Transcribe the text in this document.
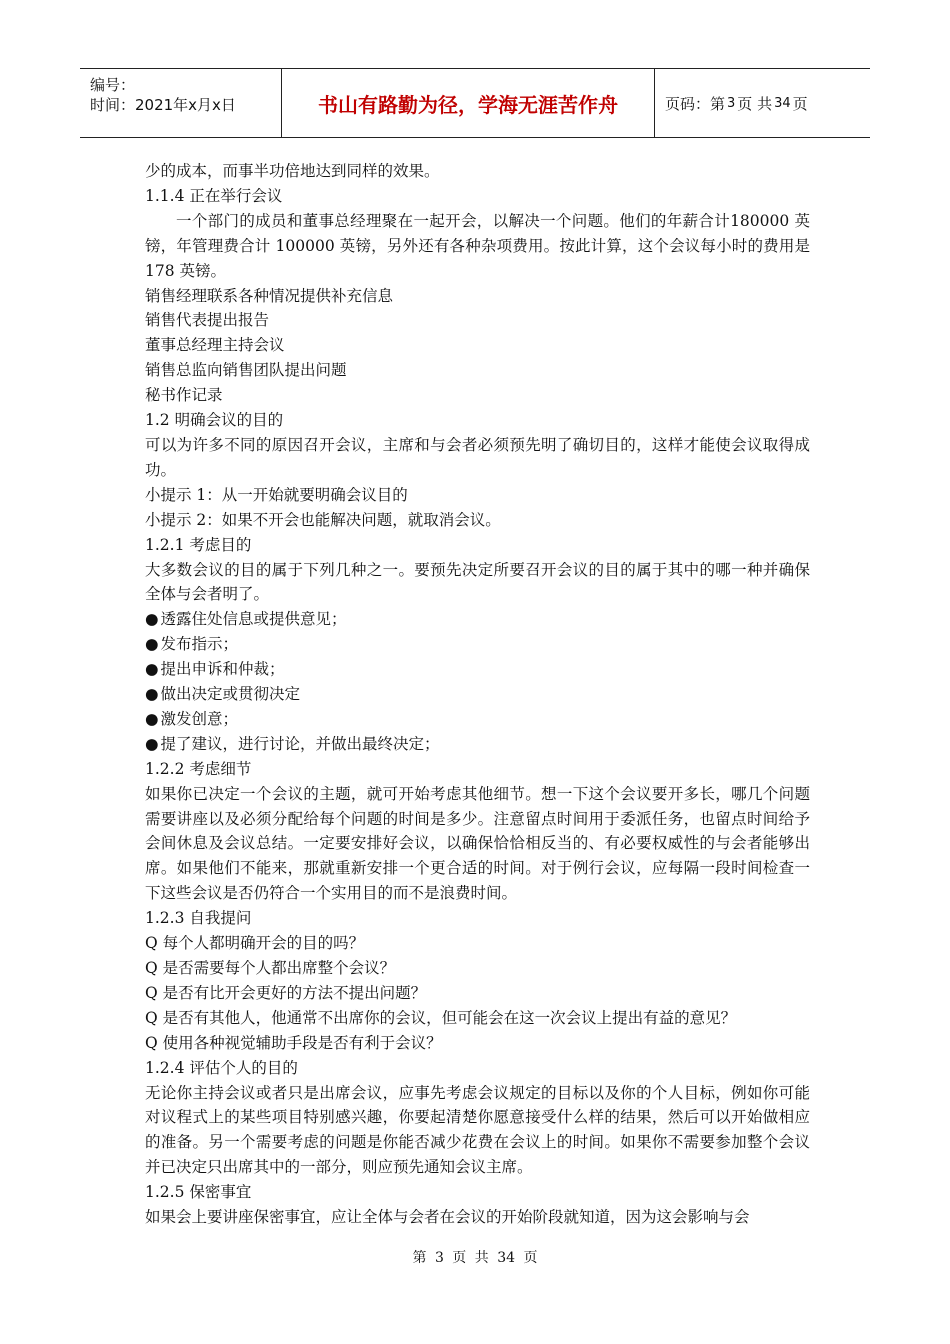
编号：
时间：2021年x月x日	书山有路勤为径，学海无涯苦作舟	页码：第 3 页 共 34 页

少的成本，而事半功倍地达到同样的效果。

1.1.4 正在举行会议

一个部门的成员和董事总经理聚在一起开会，以解决一个问题。他们的年薪合计180000 英镑，年管理费合计 100000 英镑，另外还有各种杂项费用。按此计算，这个会议每小时的费用是 178 英镑。

销售经理联系各种情况提供补充信息

销售代表提出报告

董事总经理主持会议

销售总监向销售团队提出问题

秘书作记录

1.2 明确会议的目的

可以为许多不同的原因召开会议，主席和与会者必须预先明了确切目的，这样才能使会议取得成功。

小提示 1：从一开始就要明确会议目的

小提示 2：如果不开会也能解决问题，就取消会议。

1.2.1 考虑目的

大多数会议的目的属于下列几种之一。要预先决定所要召开会议的目的属于其中的哪一种并确保全体与会者明了。

● 透露住处信息或提供意见；

● 发布指示；

● 提出申诉和仲裁；

● 做出决定或贯彻决定

● 激发创意；

● 提了建议，进行讨论，并做出最终决定；

1.2.2 考虑细节

如果你已决定一个会议的主题，就可开始考虑其他细节。想一下这个会议要开多长，哪几个问题需要讲座以及必须分配给每个问题的时间是多少。注意留点时间用于委派任务，也留点时间给予会间休息及会议总结。一定要安排好会议，以确保恰恰相反当的、有必要权威性的与会者能够出席。如果他们不能来，那就重新安排一个更合适的时间。对于例行会议，应每隔一段时间检查一下这些会议是否仍符合一个实用目的而不是浪费时间。

1.2.3 自我提问

Q 每个人都明确开会的目的吗？

Q 是否需要每个人都出席整个会议？

Q 是否有比开会更好的方法不提出问题？

Q 是否有其他人，他通常不出席你的会议，但可能会在这一次会议上提出有益的意见？

Q 使用各种视觉辅助手段是否有利于会议？

1.2.4 评估个人的目的

无论你主持会议或者只是出席会议，应事先考虑会议规定的目标以及你的个人目标，例如你可能对议程式上的某些项目特别感兴趣，你要起清楚你愿意接受什么样的结果，然后可以开始做相应的准备。另一个需要考虑的问题是你能否减少花费在会议上的时间。如果你不需要参加整个会议并已决定只出席其中的一部分，则应预先通知会议主席。

1.2.5 保密事宜

如果会上要讲座保密事宜，应让全体与会者在会议的开始阶段就知道，因为这会影响与会

第 3 页 共 34 页
